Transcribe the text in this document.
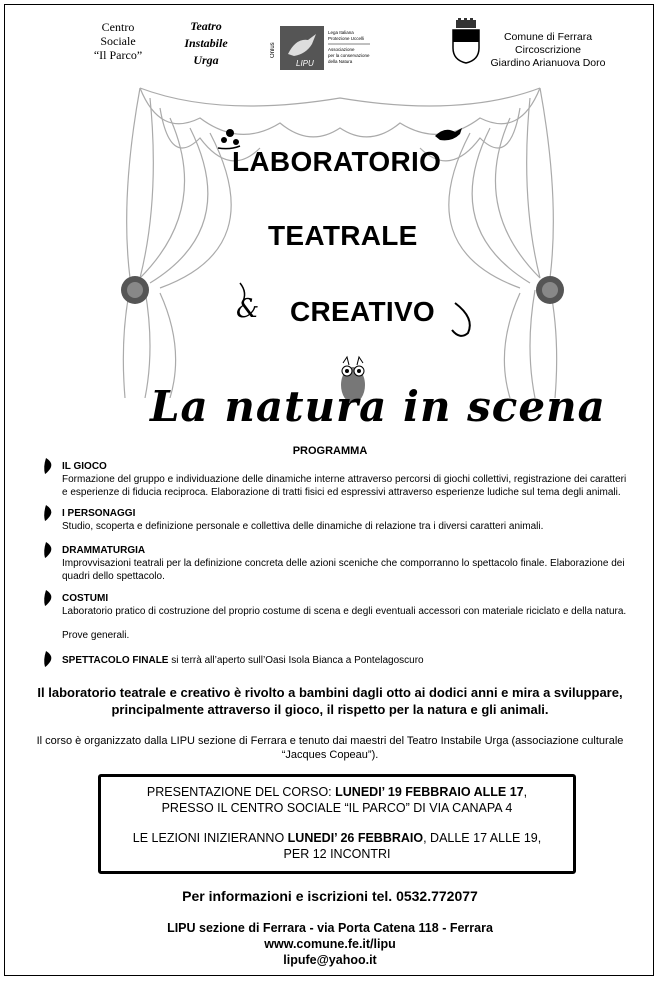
Centro
Sociale
“Il Parco”
Teatro
Instabile
Urga
Onlus
LIPU
Lega Italiana
Protezione Uccelli
Associazione
per la conservazione
della Natura
Comune di Ferrara
Circoscrizione
Giardino Arianuova Doro
LABORATORIO
TEATRALE
& CREATIVO
La natura in scena
PROGRAMMA
IL GIOCO
Formazione del gruppo e individuazione delle dinamiche interne attraverso percorsi di giochi collettivi, registrazione dei caratteri e esperienze di fiducia reciproca. Elaborazione di tratti fisici ed espressivi attraverso esperienze ludiche sul tema degli animali.
I PERSONAGGI
Studio, scoperta e definizione personale e collettiva delle dinamiche di relazione tra i diversi caratteri animali.
DRAMMATURGIA
Improvvisazioni teatrali per la definizione concreta delle azioni sceniche che comporranno lo spettacolo finale. Elaborazione dei quadri dello spettacolo.
COSTUMI
Laboratorio pratico di costruzione del proprio costume di scena e degli eventuali accessori con materiale riciclato e della natura.
Prove generali.
SPETTACOLO FINALE si terrà all’aperto sull’Oasi Isola Bianca a Pontelagoscuro
Il laboratorio teatrale e creativo è rivolto a bambini dagli otto ai dodici anni e mira a sviluppare, principalmente attraverso il gioco, il rispetto per la natura e gli animali.
Il corso è organizzato dalla LIPU sezione di Ferrara e tenuto dai maestri del Teatro Instabile Urga (associazione culturale “Jacques Copeau”).

PRESENTAZIONE DEL CORSO: LUNEDI’ 19 FEBBRAIO ALLE 17,

PRESSO IL CENTRO SOCIALE “IL PARCO” DI VIA CANAPA 4

LE LEZIONI INIZIERANNO LUNEDI’ 26 FEBBRAIO, DALLE 17 ALLE 19,

PER 12 INCONTRI

Per informazioni e iscrizioni tel. 0532.772077
LIPU sezione di Ferrara - via Porta Catena 118 - Ferrara
www.comune.fe.it/lipu
lipufe@yahoo.it
